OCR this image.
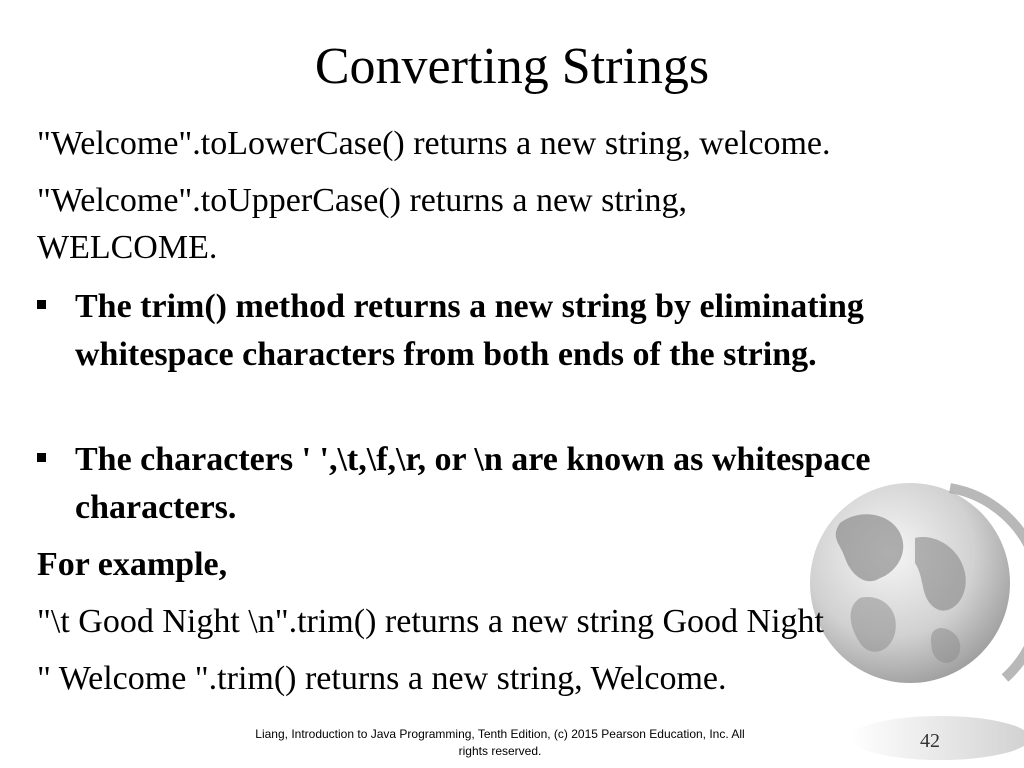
Converting Strings
"Welcome".toLowerCase() returns a new string, welcome.
"Welcome".toUpperCase() returns a new string,
WELCOME.
The trim() method returns a new string by eliminating whitespace characters from both ends of the string.
The characters ' ',\t,\f,\r, or \n are known as whitespace characters.
For example,
"\t Good Night \n".trim() returns a new string Good Night
" Welcome ".trim() returns a new string, Welcome.
Liang, Introduction to Java Programming, Tenth Edition, (c) 2015 Pearson Education, Inc. All
rights reserved.	42
